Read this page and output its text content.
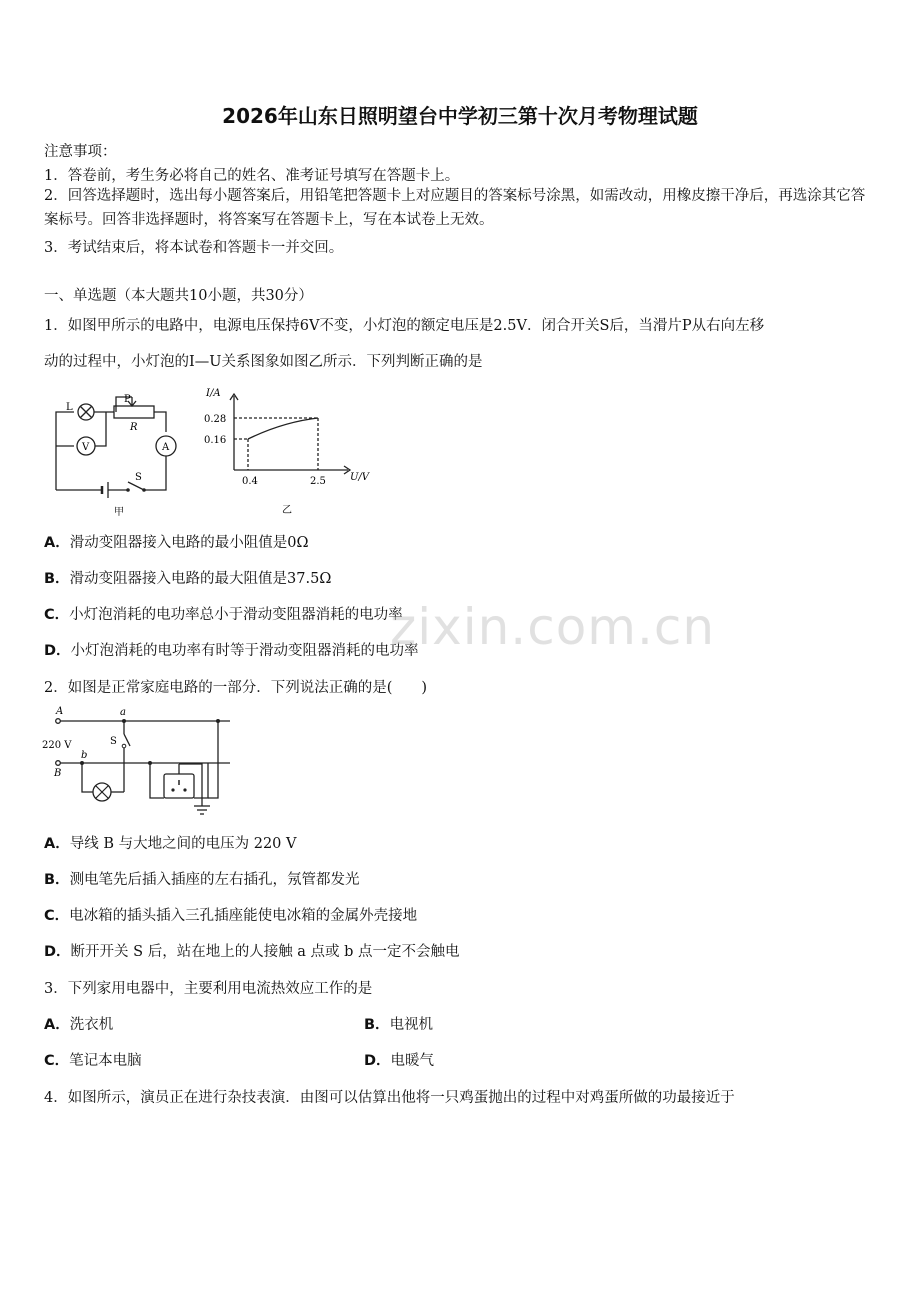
2026年山东日照明望台中学初三第十次月考物理试题
注意事项：
1．答卷前，考生务必将自己的姓名、准考证号填写在答题卡上。
2．回答选择题时，选出每小题答案后，用铅笔把答题卡上对应题目的答案标号涂黑，如需改动，用橡皮擦干净后，再选涂其它答案标号。回答非选择题时，将答案写在答题卡上，写在本试卷上无效。
3．考试结束后，将本试卷和答题卡一并交回。
一、单选题（本大题共10小题，共30分）
1．如图甲所示的电路中，电源电压保持6V不变，小灯泡的额定电压是2.5V．闭合开关S后，当滑片P从右向左移
动的过程中，小灯泡的I—U关系图象如图乙所示．下列判断正确的是
L
P
R
V	A
S
甲
I/A
U/V
0.28
0.16
0.4	2.5
乙
A．滑动变阻器接入电路的最小阻值是0Ω
B．滑动变阻器接入电路的最大阻值是37.5Ω
C．小灯泡消耗的电功率总小于滑动变阻器消耗的电功率
D．小灯泡消耗的电功率有时等于滑动变阻器消耗的电功率
2．如图是正常家庭电路的一部分．下列说法正确的是(　　)
A
B
a
b
S
220 V
A．导线 B 与大地之间的电压为 220 V
B．测电笔先后插入插座的左右插孔，氖管都发光
C．电冰箱的插头插入三孔插座能使电冰箱的金属外壳接地
D．断开开关 S 后，站在地上的人接触 a 点或 b 点一定不会触电
3．下列家用电器中，主要利用电流热效应工作的是
A．洗衣机	B．电视机
C．笔记本电脑	D．电暖气
4．如图所示，演员正在进行杂技表演．由图可以估算出他将一只鸡蛋抛出的过程中对鸡蛋所做的功最接近于
zixin.com.cn
